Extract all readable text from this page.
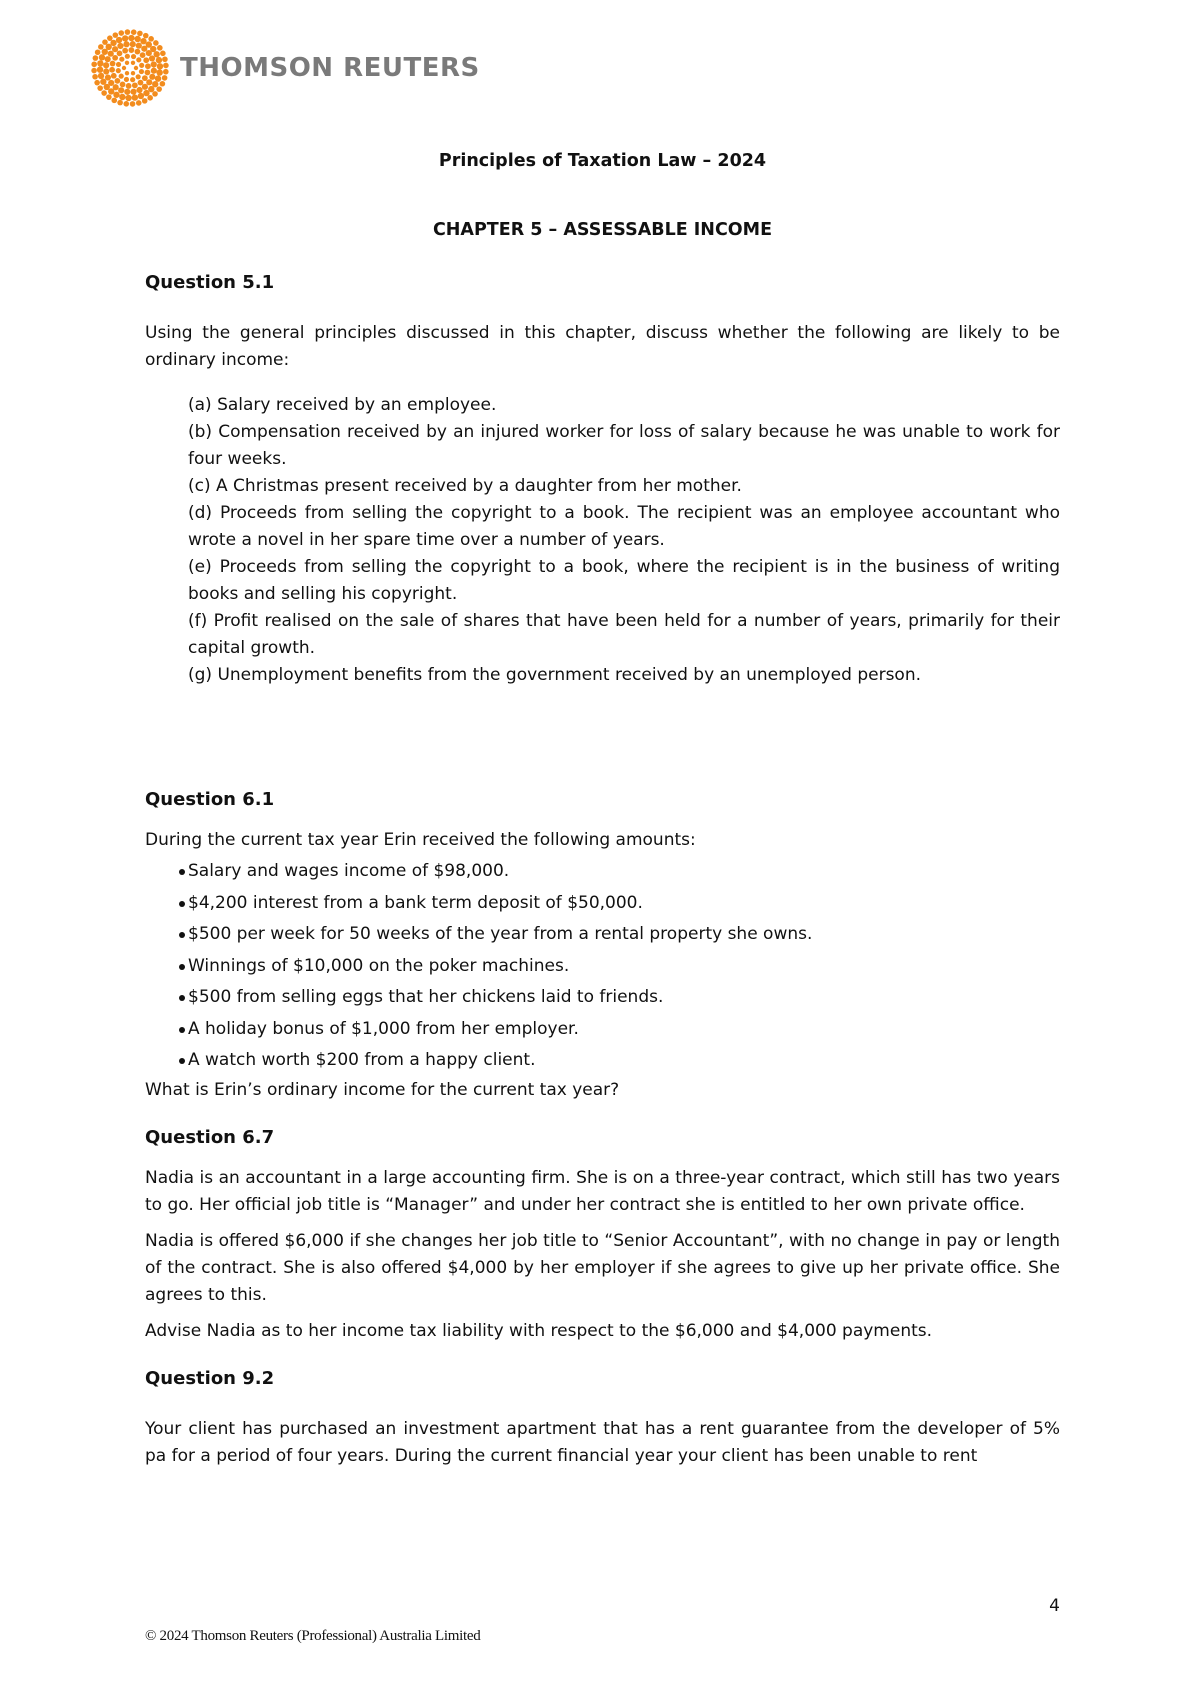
THOMSON REUTERS
Principles of Taxation Law – 2024
CHAPTER 5 – ASSESSABLE INCOME
Question 5.1

Using the general principles discussed in this chapter, discuss whether the following are likely to be ordinary income:

(a) Salary received by an employee.
(b) Compensation received by an injured worker for loss of salary because he was unable to work for four weeks.
(c) A Christmas present received by a daughter from her mother.
(d) Proceeds from selling the copyright to a book. The recipient was an employee accountant who wrote a novel in her spare time over a number of years.
(e) Proceeds from selling the copyright to a book, where the recipient is in the business of writing books and selling his copyright.
(f) Profit realised on the sale of shares that have been held for a number of years, primarily for their capital growth.
(g) Unemployment benefits from the government received by an unemployed person.
Question 6.1

During the current tax year Erin received the following amounts:

Salary and wages income of $98,000.
$4,200 interest from a bank term deposit of $50,000.
$500 per week for 50 weeks of the year from a rental property she owns.
Winnings of $10,000 on the poker machines.
$500 from selling eggs that her chickens laid to friends.
A holiday bonus of $1,000 from her employer.
A watch worth $200 from a happy client.

What is Erin’s ordinary income for the current tax year?

Question 6.7

Nadia is an accountant in a large accounting firm. She is on a three-year contract, which still has two years to go. Her official job title is “Manager” and under her contract she is entitled to her own private office.

Nadia is offered $6,000 if she changes her job title to “Senior Accountant”, with no change in pay or length of the contract. She is also offered $4,000 by her employer if she agrees to give up her private office. She agrees to this.

Advise Nadia as to her income tax liability with respect to the $6,000 and $4,000 payments.

Question 9.2

Your client has purchased an investment apartment that has a rent guarantee from the developer of 5% pa for a period of four years. During the current financial year your client has been unable to rent

4
© 2024 Thomson Reuters (Professional) Australia Limited
